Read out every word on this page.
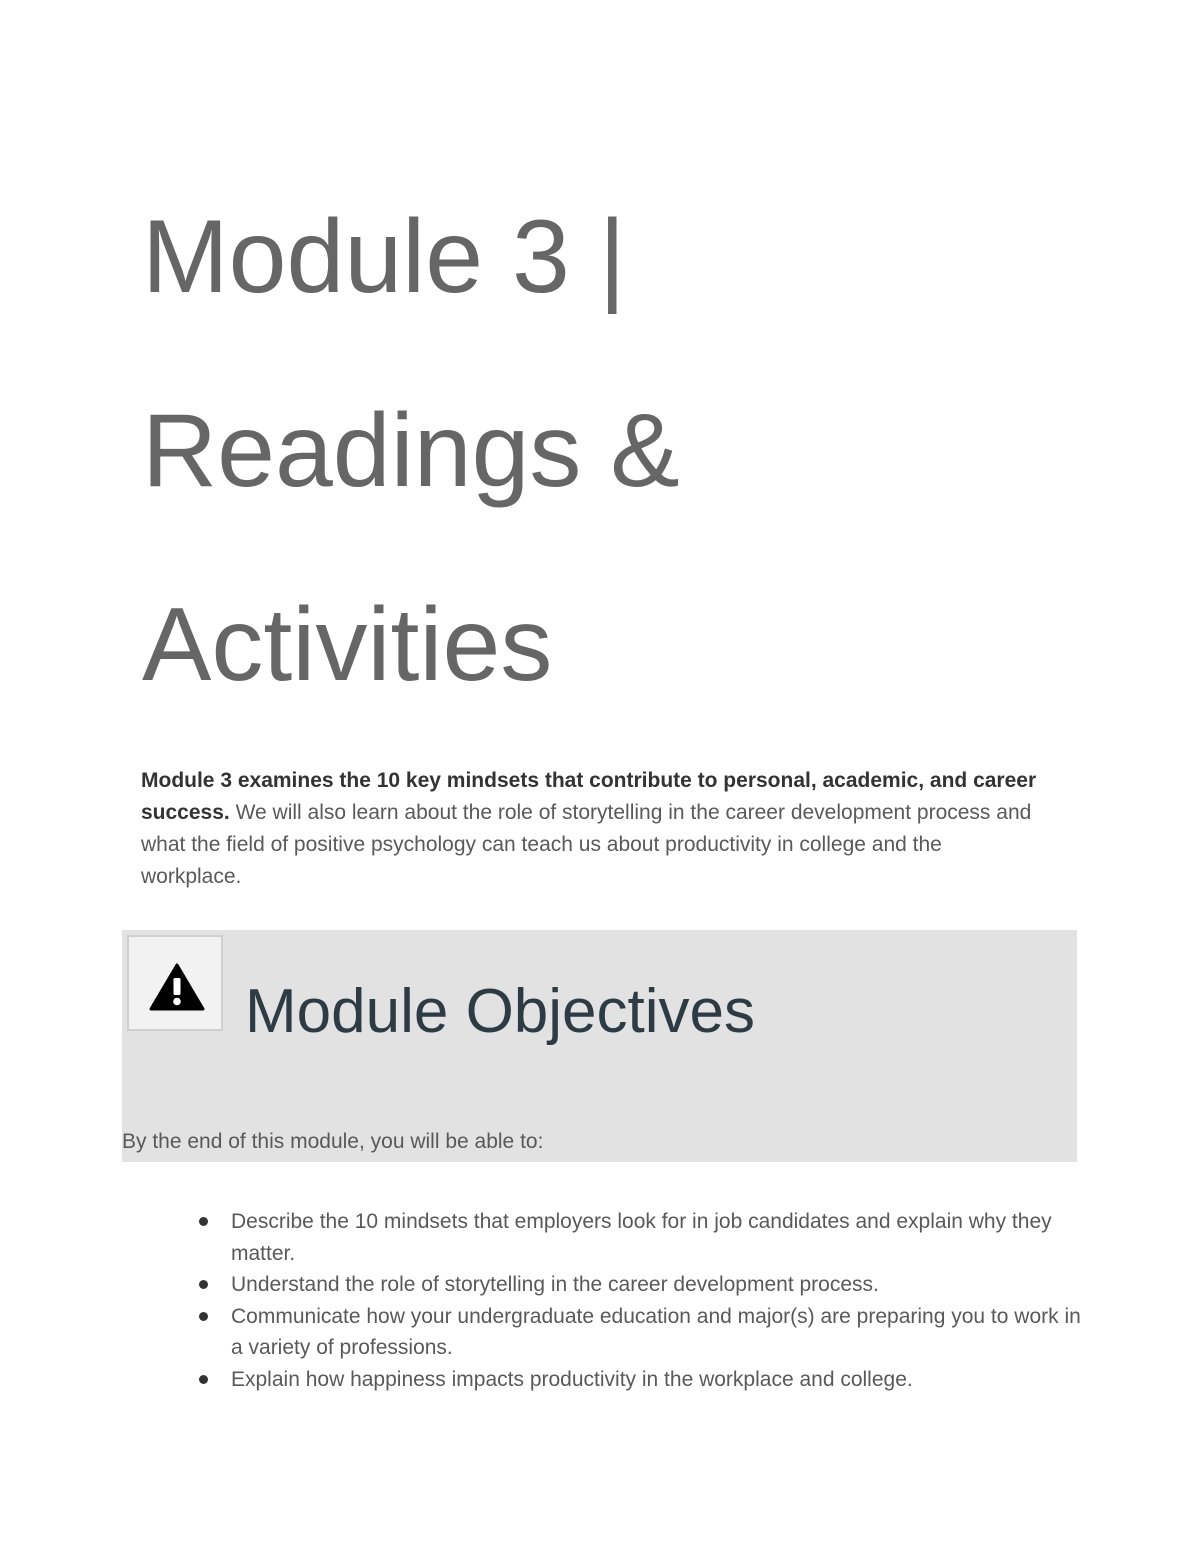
Module 3 | Readings & Activities

Module 3 examines the 10 key mindsets that contribute to personal, academic, and career success. We will also learn about the role of storytelling in the career development process and what the field of positive psychology can teach us about productivity in college and the workplace.

Module Objectives

By the end of this module, you will be able to:

Describe the 10 mindsets that employers look for in job candidates and explain why they matter.
Understand the role of storytelling in the career development process.
Communicate how your undergraduate education and major(s) are preparing you to work in a variety of professions.
Explain how happiness impacts productivity in the workplace and college.
